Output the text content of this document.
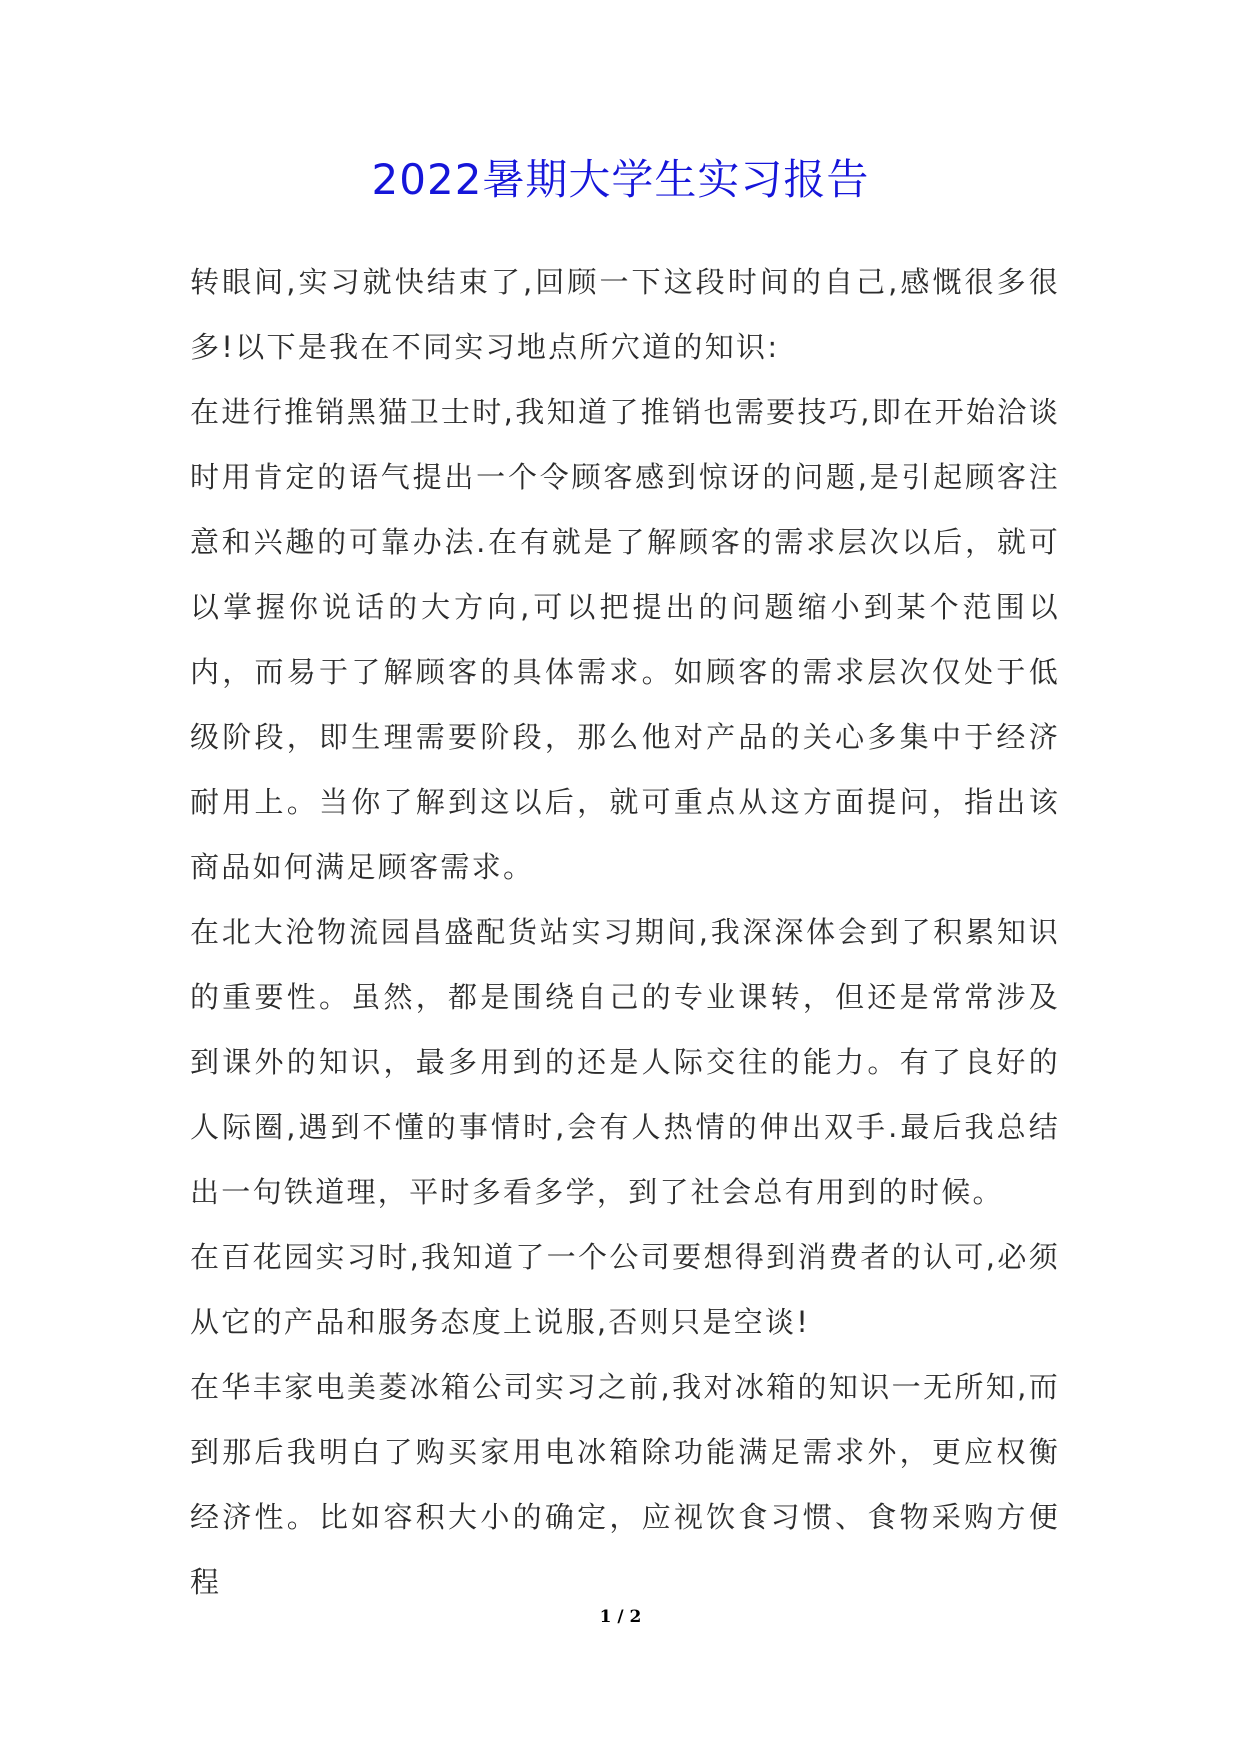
2022暑期大学生实习报告

转眼间,实习就快结束了,回顾一下这段时间的自己,感慨很多很多!以下是我在不同实习地点所穴道的知识:

在进行推销黑猫卫士时,我知道了推销也需要技巧,即在开始洽谈时用肯定的语气提出一个令顾客感到惊讶的问题,是引起顾客注意和兴趣的可靠办法.在有就是了解顾客的需求层次以后，就可以掌握你说话的大方向,可以把提出的问题缩小到某个范围以内，而易于了解顾客的具体需求。如顾客的需求层次仅处于低级阶段，即生理需要阶段，那么他对产品的关心多集中于经济耐用上。当你了解到这以后，就可重点从这方面提问，指出该商品如何满足顾客需求。

在北大沧物流园昌盛配货站实习期间,我深深体会到了积累知识的重要性。虽然，都是围绕自己的专业课转，但还是常常涉及到课外的知识，最多用到的还是人际交往的能力。有了良好的人际圈,遇到不懂的事情时,会有人热情的伸出双手.最后我总结出一句铁道理，平时多看多学，到了社会总有用到的时候。

在百花园实习时,我知道了一个公司要想得到消费者的认可,必须从它的产品和服务态度上说服,否则只是空谈!

在华丰家电美菱冰箱公司实习之前,我对冰箱的知识一无所知,而到那后我明白了购买家用电冰箱除功能满足需求外，更应权衡经济性。比如容积大小的确定，应视饮食习惯、食物采购方便程

1 / 2
